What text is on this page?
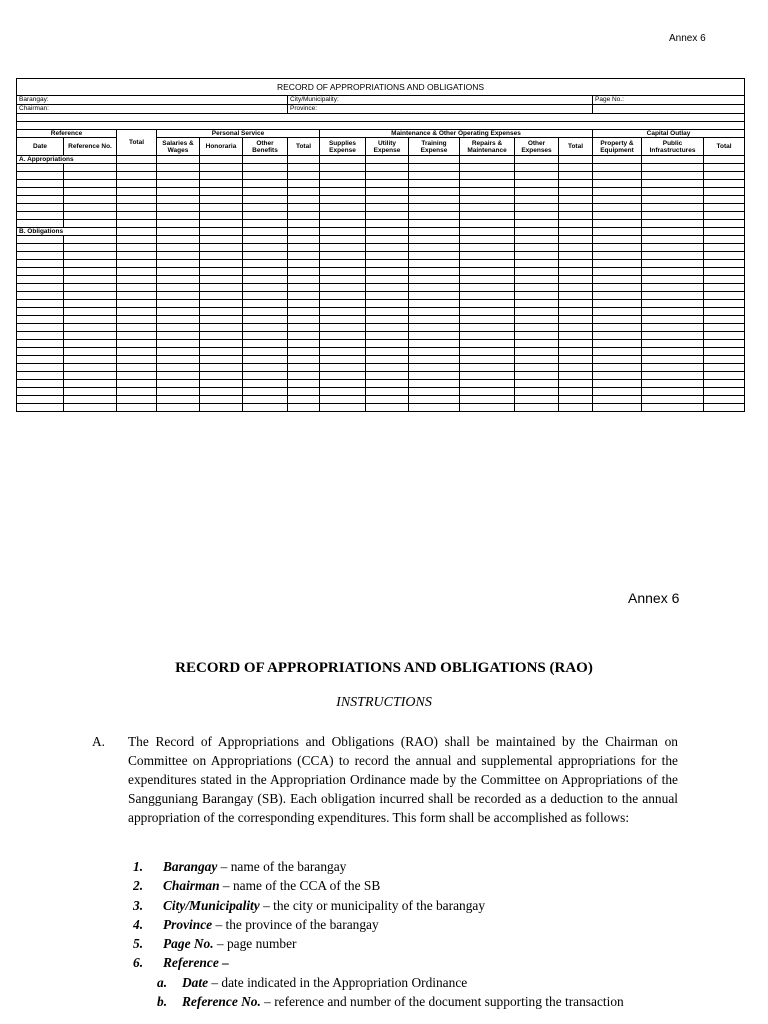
Annex 6
RECORD OF APPROPRIATIONS AND OBLIGATIONS															
Barangay:						City/Municipality:							Page No.:		
Chairman:						Province:									

Reference		Total	Personal Service				Maintenance & Other Operating Expenses						Capital Outlay		
Date	Reference No.		Salaries & Wages	Honoraria	Other Benefits	Total	Supplies Expense	Utility Expense	Training Expense	Repairs & Maintenance	Other Expenses	Total	Property & Equipment	Public Infrastructures	Total
A. Appropriations															

B. Obligations															

Annex 6
RECORD OF APPROPRIATIONS AND OBLIGATIONS (RAO)
INSTRUCTIONS
A. The Record of Appropriations and Obligations (RAO) shall be maintained by the Chairman on Committee on Appropriations (CCA) to record the annual and supplemental appropriations for the expenditures stated in the Appropriation Ordinance made by the Committee on Appropriations of the Sangguniang Barangay (SB). Each obligation incurred shall be recorded as a deduction to the annual appropriation of the corresponding expenditures. This form shall be accomplished as follows:
1. Barangay – name of the barangay
2. Chairman – name of the CCA of the SB
3. City/Municipality – the city or municipality of the barangay
4. Province – the province of the barangay
5. Page No. – page number
6. Reference –
a. Date – date indicated in the Appropriation Ordinance
b. Reference No. – reference and number of the document supporting the transaction
